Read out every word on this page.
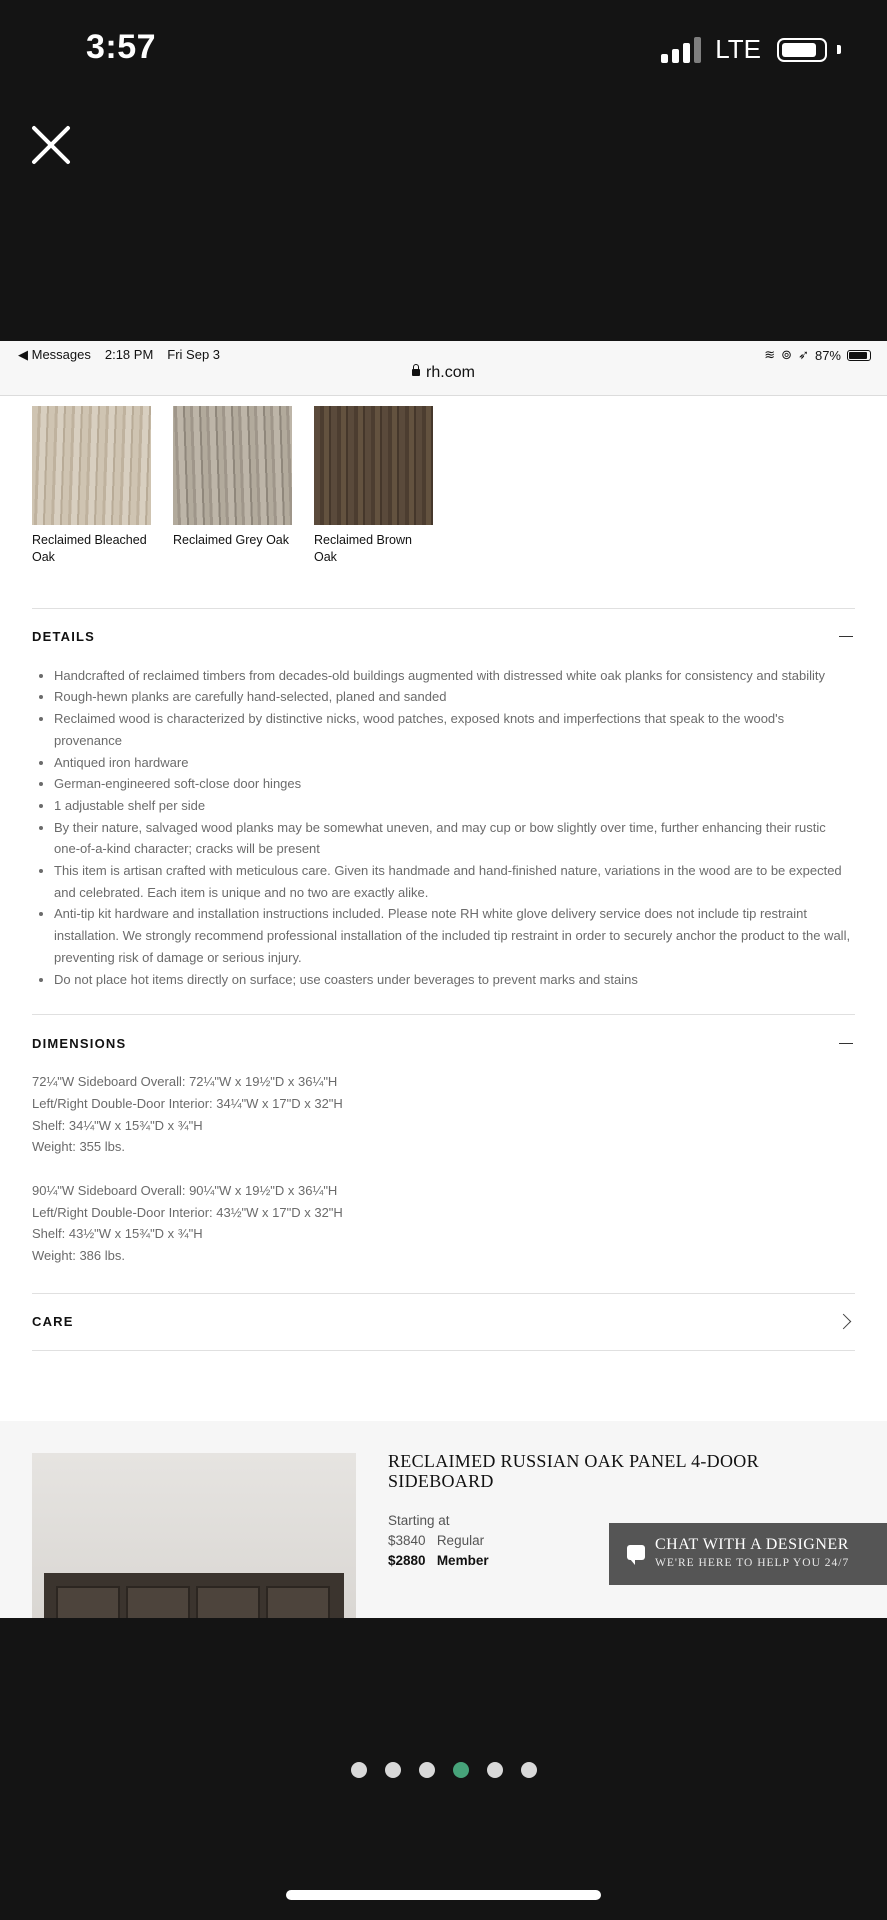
3:57	LTE
◀ Messages 2:18 PM Fri Sep 3	≋ ⊚ ➶ 87%
rh.com
Reclaimed Bleached Oak
Reclaimed Grey Oak Reclaimed Brown Oak
DETAILS
• Handcrafted of reclaimed timbers from decades-old buildings augmented with distressed white oak planks for consistency and stability
• Rough-hewn planks are carefully hand-selected, planed and sanded
• Reclaimed wood is characterized by distinctive nicks, wood patches, exposed knots and imperfections that speak to the wood's provenance
• Antiqued iron hardware
• German-engineered soft-close door hinges
• 1 adjustable shelf per side
• By their nature, salvaged wood planks may be somewhat uneven, and may cup or bow slightly over time, further enhancing their rustic one-of-a-kind character; cracks will be present
• This item is artisan crafted with meticulous care. Given its handmade and hand-finished nature, variations in the wood are to be expected and celebrated. Each item is unique and no two are exactly alike.
• Anti-tip kit hardware and installation instructions included. Please note RH white glove delivery service does not include tip restraint installation. We strongly recommend professional installation of the included tip restraint in order to securely anchor the product to the wall, preventing risk of damage or serious injury.
• Do not place hot items directly on surface; use coasters under beverages to prevent marks and stains
DIMENSIONS

72¼"W Sideboard Overall: 72¼"W x 19½"D x 36¼"H

Left/Right Double-Door Interior: 34¼"W x 17"D x 32"H

Shelf: 34¼"W x 15¾"D x ¾"H

Weight: 355 lbs.

90¼"W Sideboard Overall: 90¼"W x 19½"D x 36¼"H

Left/Right Double-Door Interior: 43½"W x 17"D x 32"H

Shelf: 43½"W x 15¾"D x ¾"H

Weight: 386 lbs.

CARE
RECLAIMED RUSSIAN OAK PANEL 4-DOOR SIDEBOARD
Starting at
$3840 Regular
$2880 Member
CHAT WITH A DESIGNER
WE'RE HERE TO HELP YOU 24/7
